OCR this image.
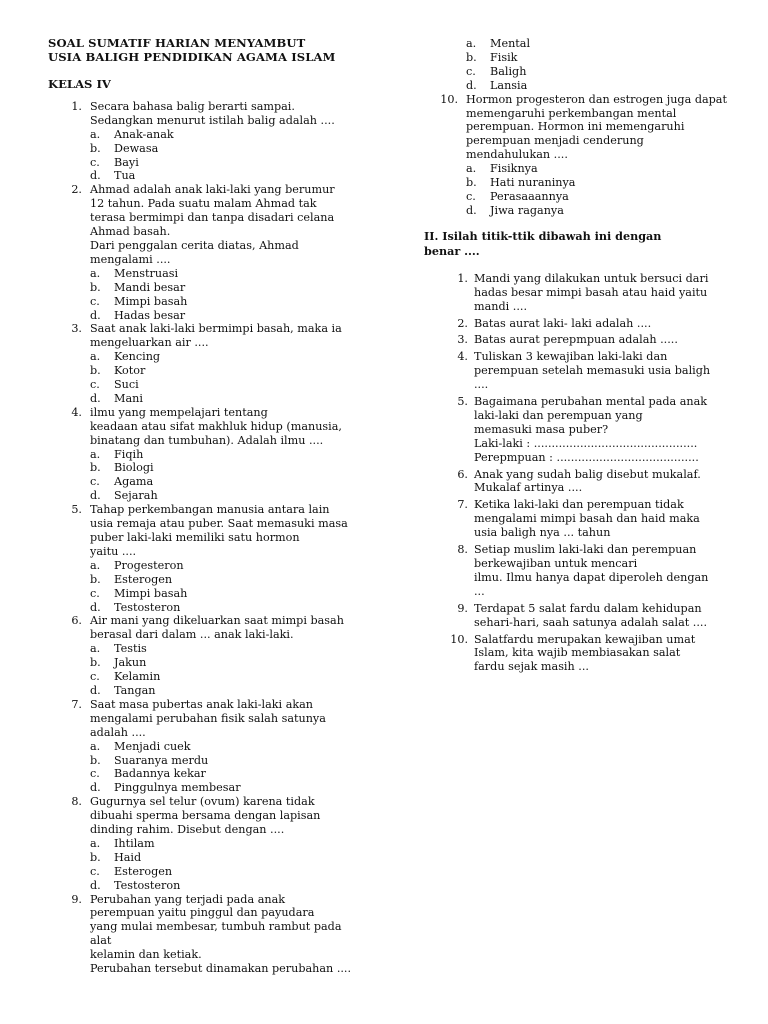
SOAL SUMATIF HARIAN MENYAMBUT

USIA BALIGH PENDIDIKAN AGAMA ISLAM

KELAS IV
1. Secara bahasa balig berarti sampai.
Sedangkan menurut istilah balig adalah ....
a.	Anak-anak
b.	Dewasa
c.	Bayi
d.	Tua
2. Ahmad adalah anak laki-laki yang berumur
12 tahun. Pada suatu malam Ahmad tak
terasa bermimpi dan tanpa disadari celana
Ahmad basah.
Dari penggalan cerita diatas, Ahmad
mengalami ....
a.	Menstruasi
b.	Mandi besar
c.	Mimpi basah
d.	Hadas besar
3. Saat anak laki-laki bermimpi basah, maka ia
mengeluarkan air ....
a.	Kencing
b.	Kotor
c.	Suci
d.	Mani
4. ilmu yang mempelajari tentang
keadaan atau sifat makhluk hidup (manusia,
binatang dan tumbuhan). Adalah ilmu ....
a.	Fiqih
b.	Biologi
c.	Agama
d.	Sejarah
5. Tahap perkembangan manusia antara lain
usia remaja atau puber. Saat memasuki masa
puber laki-laki memiliki satu hormon
yaitu ....
a.	Progesteron
b.	Esterogen
c.	Mimpi basah
d.	Testosteron
6. Air mani yang dikeluarkan saat mimpi basah
berasal dari dalam ... anak laki-laki.
a.	Testis
b.	Jakun
c.	Kelamin
d.	Tangan
7. Saat masa pubertas anak laki-laki akan
mengalami perubahan fisik salah satunya
adalah ....
a.	Menjadi cuek
b.	Suaranya merdu
c.	Badannya kekar
d.	Pinggulnya membesar
8. Gugurnya sel telur (ovum) karena tidak
dibuahi sperma bersama dengan lapisan
dinding rahim. Disebut dengan ....
a.	Ihtilam
b.	Haid
c.	Esterogen
d.	Testosteron
9. Perubahan yang terjadi pada anak
perempuan yaitu pinggul dan payudara
yang mulai membesar, tumbuh rambut pada
alat
kelamin dan ketiak.
Perubahan tersebut dinamakan perubahan ....
a.	Mental
b.	Fisik
c.	Baligh
d.	Lansia
10. Hormon progesteron dan estrogen juga dapat
memengaruhi perkembangan mental
perempuan. Hormon ini memengaruhi
perempuan menjadi cenderung
mendahulukan ....
a.	Fisiknya
b.	Hati nuraninya
c.	Perasaaannya
d.	Jiwa raganya
II. Isilah titik-ttik dibawah ini dengan
benar ....
1. Mandi yang dilakukan untuk bersuci dari
hadas besar mimpi basah atau haid yaitu
mandi ....
2. Batas aurat laki- laki adalah ....
3. Batas aurat perepmpuan adalah .....
4. Tuliskan 3 kewajiban laki-laki dan
perempuan setelah memasuki usia baligh
....
5. Bagaimana perubahan mental pada anak
laki-laki dan perempuan yang
memasuki masa puber?
Laki-laki : ..............................................
Perepmpuan : ........................................
6. Anak yang sudah balig disebut mukalaf.
Mukalaf artinya ....
7. Ketika laki-laki dan perempuan tidak
mengalami mimpi basah dan haid maka
usia baligh nya ... tahun
8. Setiap muslim laki-laki dan perempuan
berkewajiban untuk mencari
ilmu. Ilmu hanya dapat diperoleh dengan
...
9. Terdapat 5 salat fardu dalam kehidupan
sehari-hari, saah satunya adalah salat ....
10. Salatfardu merupakan kewajiban umat
Islam, kita wajib membiasakan salat
fardu sejak masih ...
